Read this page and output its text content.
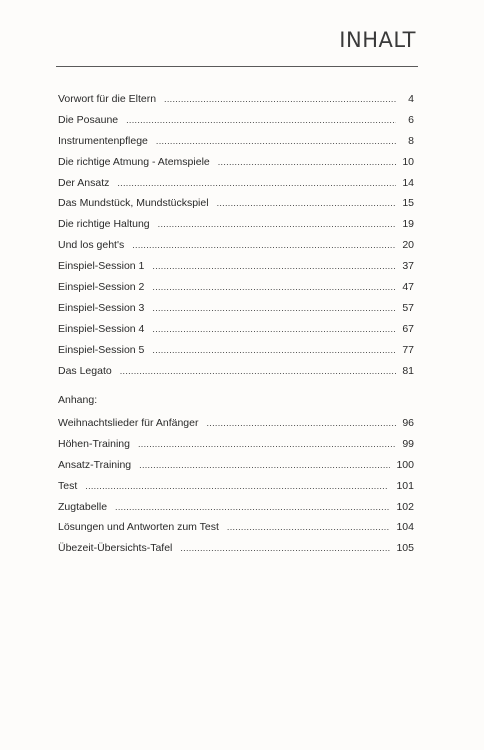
INHALT
Vorwort für die Eltern . . .	4
Die Posaune . . .	6
Instrumentenpflege . . .	8
Die richtige Atmung - Atemspiele . . .	10
Der Ansatz . . .	14
Das Mundstück, Mundstückspiel . . .	15
Die richtige Haltung . . .	19
Und los geht's . . .	20
Einspiel-Session 1 . . .	37
Einspiel-Session 2 . . .	47
Einspiel-Session 3 . . .	57
Einspiel-Session 4 . . .	67
Einspiel-Session 5 . . .	77
Das Legato . . .	81

Anhang:

Weihnachtslieder für Anfänger . . .	96
Höhen-Training . . .	99
Ansatz-Training . . .	100
Test . . .	101
Zugtabelle . . .	102
Lösungen und Antworten zum Test . . .	104
Übezeit-Übersichts-Tafel . . .	105
